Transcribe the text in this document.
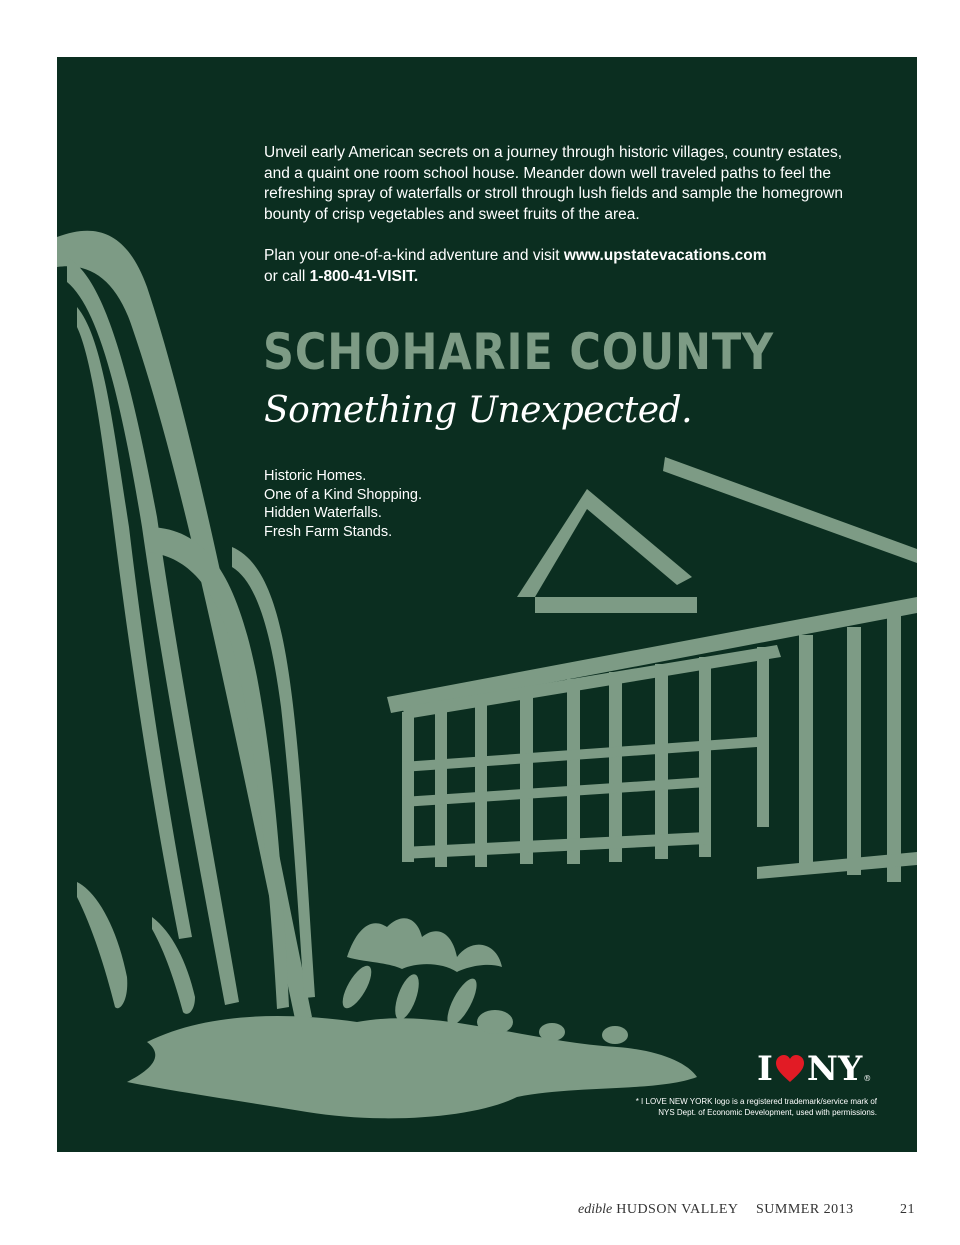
Unveil early American secrets on a journey through historic villages, country estates, and a quaint one room school house. Meander down well traveled paths to feel the refreshing spray of waterfalls or stroll through lush fields and sample the homegrown bounty of crisp vegetables and sweet fruits of the area.

Plan your one-of-a-kind adventure and visit www.upstatevacations.com
or call 1-800-41-VISIT.

SCHOHARIE COUNTY

Something Unexpected.

Historic Homes.
One of a Kind Shopping.
Hidden Waterfalls.
Fresh Farm Stands.
I NY ®

* I LOVE NEW YORK logo is a registered trademark/service mark of
NYS Dept. of Economic Development, used with permissions.

edible HUDSON VALLEY SUMMER 2013	21
